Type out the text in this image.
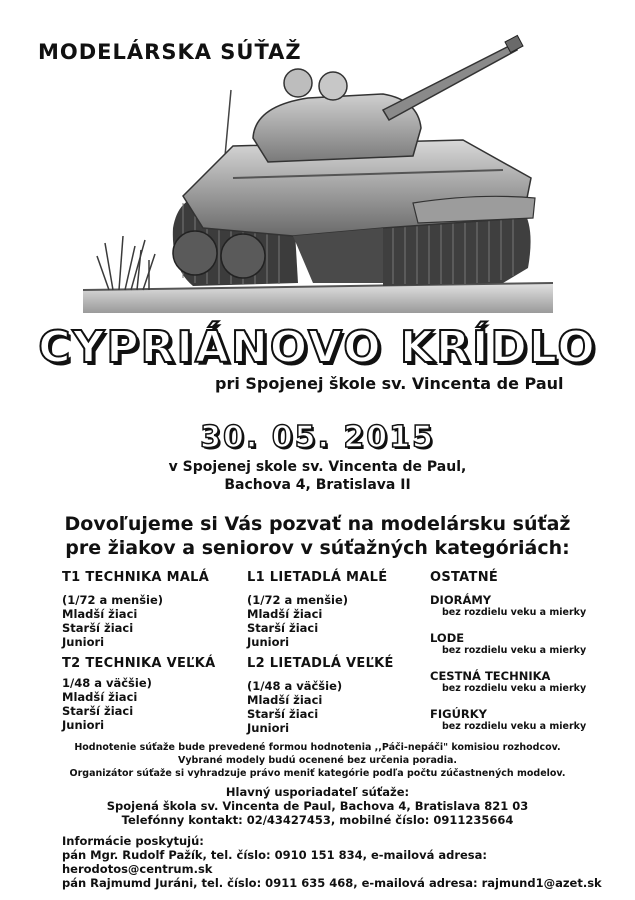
MODELÁRSKA SÚŤAŽ
CYPRIÁNOVO KRÍDLO
pri Spojenej škole sv. Vincenta de Paul
30. 05. 2015
v Spojenej skole sv. Vincenta de Paul,
Bachova 4, Bratislava II
Dovoľujeme si Vás pozvať na modelársku súťaž
pre žiakov a seniorov v súťažných kategóriách:
T1 TECHNIKA MALÁ
(1/72 a menšie)
Mladší žiaci
Starší žiaci
Juniori
T2 TECHNIKA VEĽKÁ
1/48 a väčšie)
Mladší žiaci
Starší žiaci
Juniori
L1 LIETADLÁ MALÉ
(1/72 a menšie)
Mladší žiaci
Starší žiaci
Juniori
L2 LIETADLÁ VEĽKÉ
(1/48 a väčšie)
Mladší žiaci
Starší žiaci
Juniori
OSTATNÉ
DIORÁMY
bez rozdielu veku a mierky
LODE
bez rozdielu veku a mierky
CESTNÁ TECHNIKA
bez rozdielu veku a mierky
FIGÚRKY
bez rozdielu veku a mierky
Hodnotenie súťaže bude prevedené formou hodnotenia ,,Páči-nepáči" komisiou rozhodcov.
Vybrané modely budú ocenené bez určenia poradia.
Organizátor súťaže si vyhradzuje právo meniť kategórie podľa počtu zúčastnených modelov.
Hlavný usporiadateľ súťaže:
Spojená škola sv. Vincenta de Paul, Bachova 4, Bratislava 821 03
Telefónny kontakt: 02/43427453, mobilné číslo: 0911235664
Informácie poskytujú:
pán Mgr. Rudolf Pažík, tel. číslo: 0910 151 834, e-mailová adresa: herodotos@centrum.sk
pán Rajmumd Juráni, tel. číslo: 0911 635 468, e-mailová adresa: rajmund1@azet.sk
